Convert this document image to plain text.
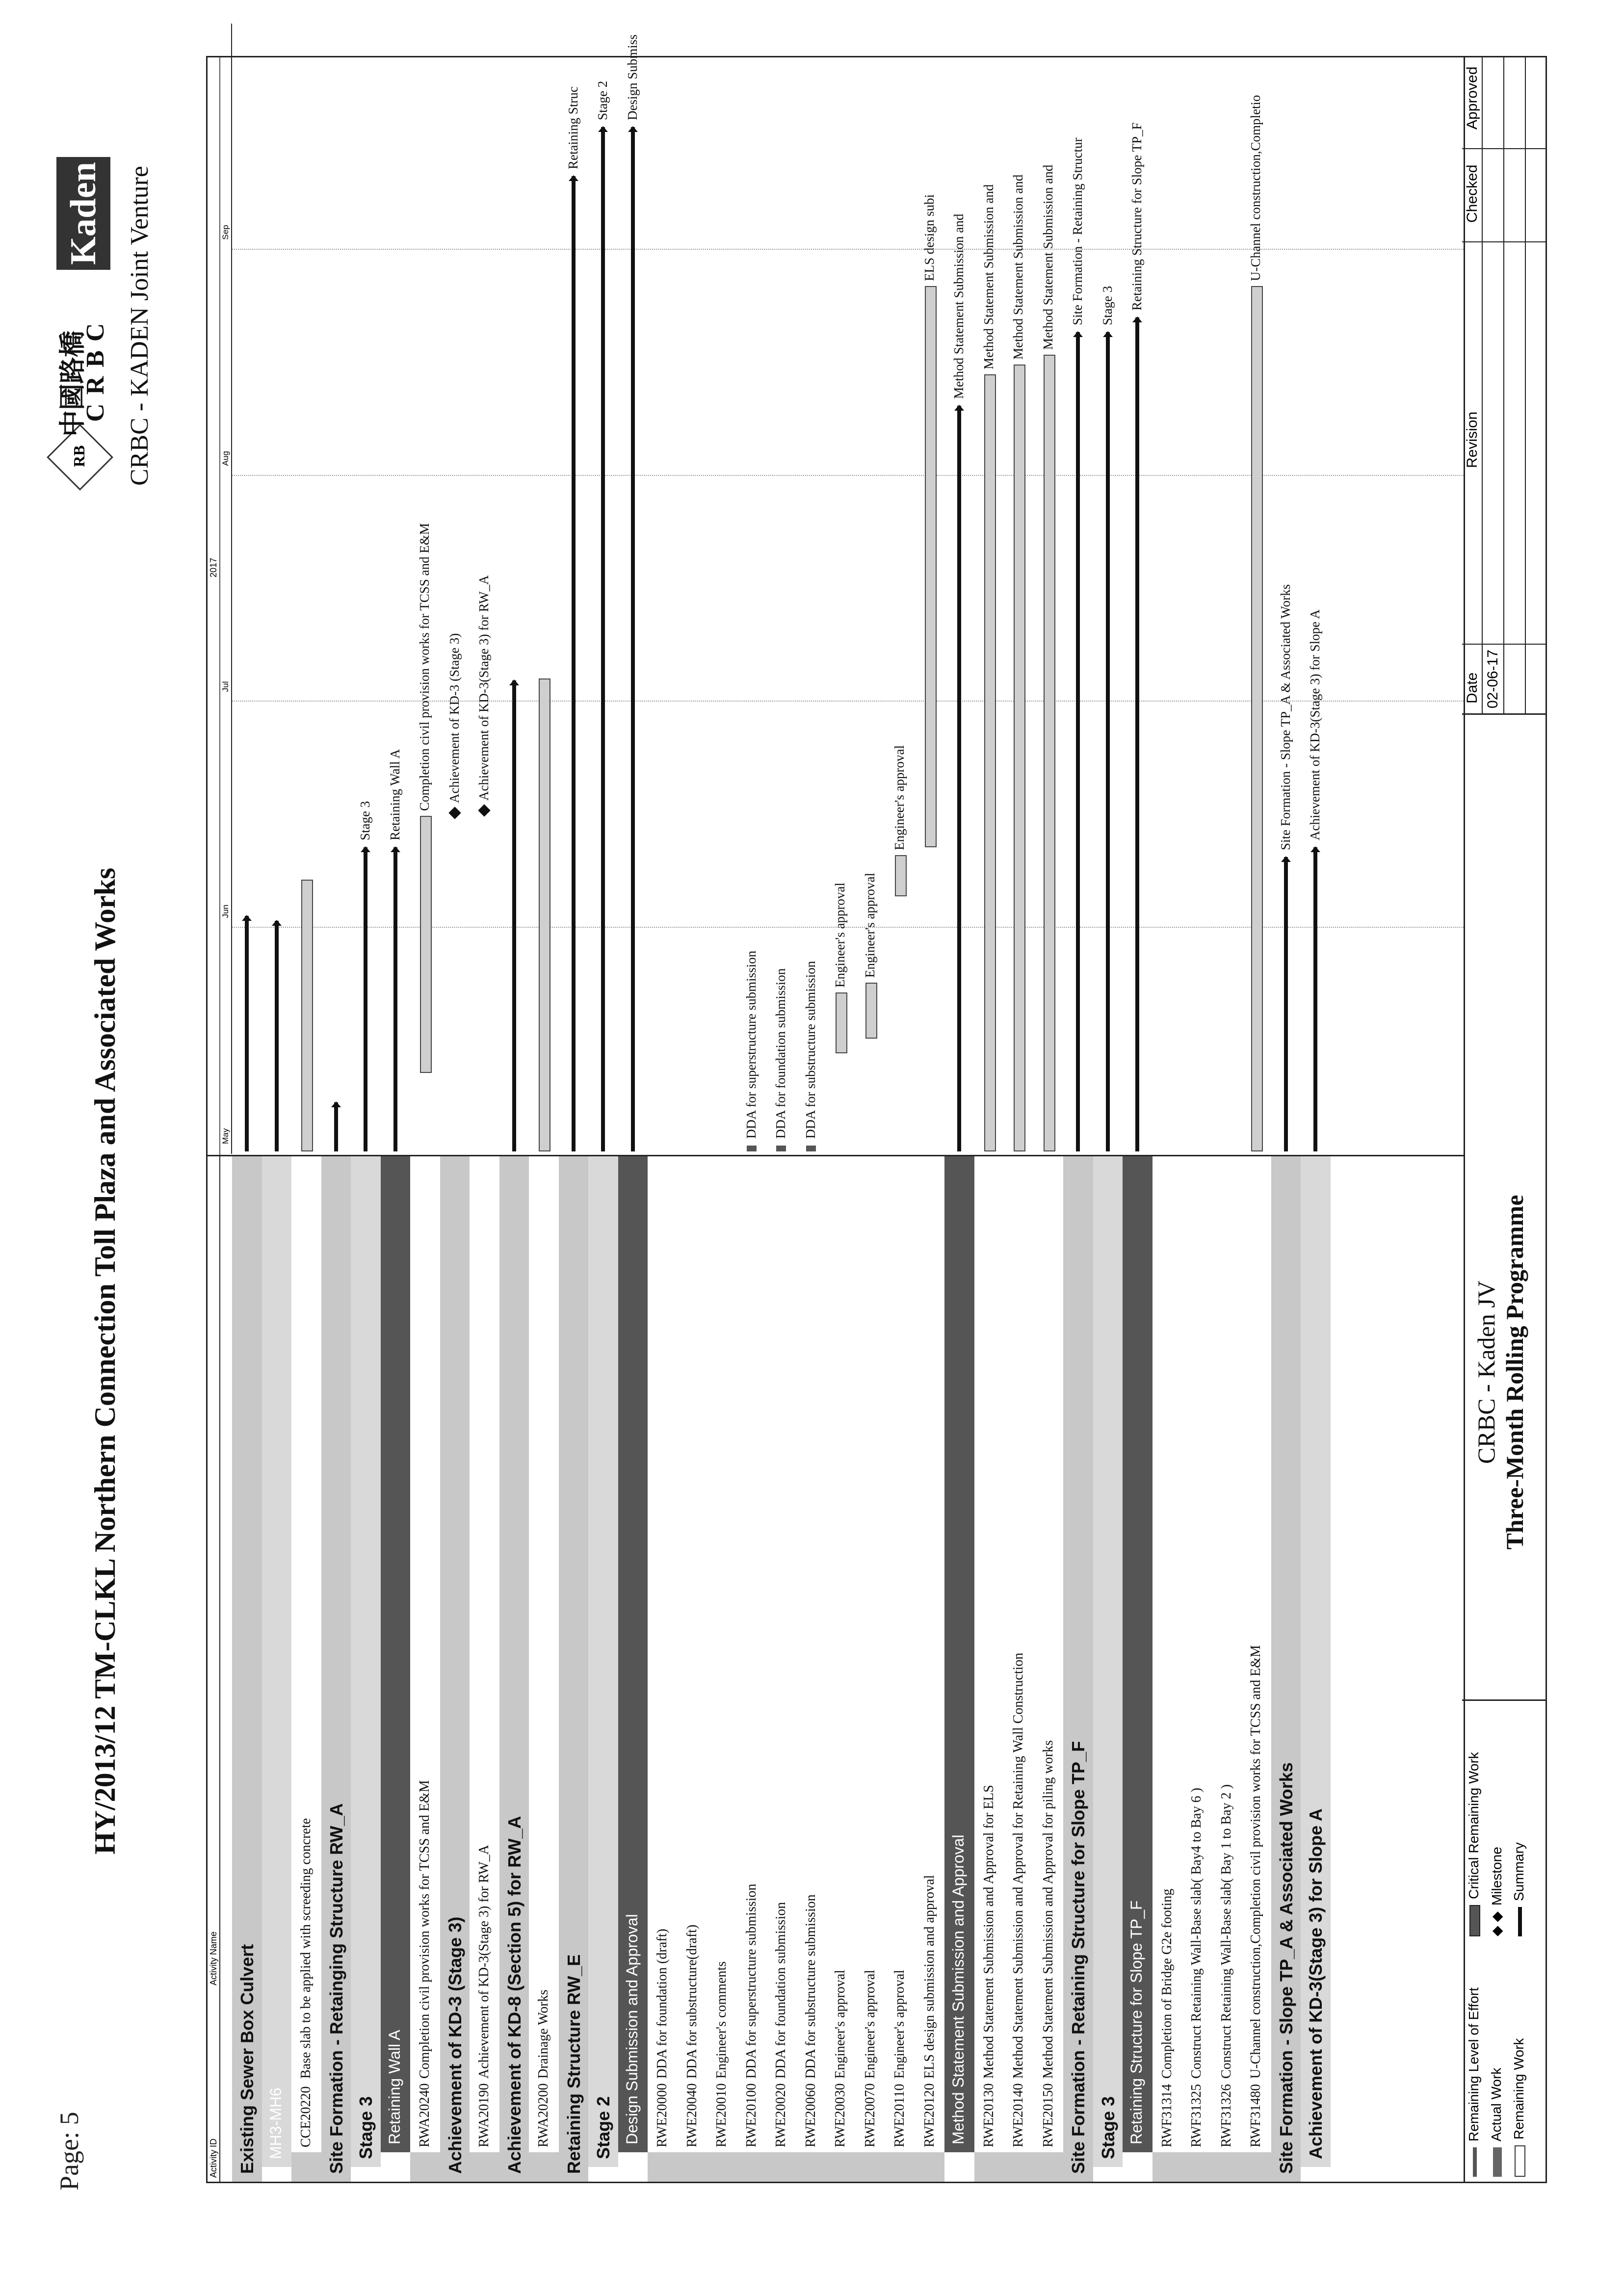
Page: 5
HY/2013/12 TM-CLKL Northern Connection Toll Plaza and Associated Works
RB
中國路橋
CRBC
Kaden CRBC - KADEN Joint Venture
Activity ID
Activity Name
2017
May
Jun
Jul
Aug
Sep
Existing Sewer Box Culvert MH3-MH6 CCE20220
Base slab to be applied with screeding concrete Site Formation - Retainging Structure RW_A Stage 3 Retaining Wall A RWA20240
Completion civil provision works for TCSS and E&M Achievement of KD-3 (Stage 3) RWA20190
Achievement of KD-3(Stage 3) for RW_A Achievement of KD-8 (Section 5) for RW_A RWA20200
Drainage Works Retaining Structure RW_E Stage 2 Design Submission and Approval RWE20000
DDA for foundation (draft)
RWE20040
DDA for substructure(draft)
RWE20010
Engineer's comments
RWE20100
DDA for superstructure submission
RWE20020
DDA for foundation submission
RWE20060
DDA for substructure submission
RWE20030
Engineer's approval
RWE20070
Engineer's approval
RWE20110
Engineer's approval
RWE20120
ELS design submission and approval Method Statement Submission and Approval RWE20130
Method Statement Submission and Approval for ELS
RWE20140
Method Statement Submission and Approval for Retaining Wall Construction
RWE20150
Method Statement Submission and Approval for piling works Site Formation - Retaining Structure for Slope TP_F Stage 3 Retaining Structure for Slope TP_F RWF31314
Completion of Bridge G2e footing
RWF31325
Construct Retaining Wall-Base slab( Bay4 to Bay 6 )
RWF31326
Construct Retaining Wall-Base slab( Bay 1 to Bay 2 )
RWF31480
U-Channel construction,Completion civil provision works for TCSS and E&M Site Formation - Slope TP_A & Associated Works Achievement of KD-3(Stage 3) for Slope A
Stage 3 Retaining Wall A Completion civil provision works for TCSS and E&M Achievement of KD-3 (Stage 3) Achievement of KD-3(Stage 3) for RW_A
Retaining Struc Stage 2 Design Submiss
DDA for superstructure submission DDA for foundation submission DDA for substructure submission
Engineer's approval Engineer's approval
Engineer's approval
ELS design subi Method Statement Submission and Method Statement Submission and Method Statement Submission and Method Statement Submission and Site Formation - Retaining Structur Stage 3 Retaining Structure for Slope TP_F	U-Channel construction,Completio
Site Formation - Slope TP_A & Associated Works Achievement of KD-3(Stage 3) for Slope A
Remaining Level of Effort Actual Work Remaining Work
Critical Remaining Work
◆ ◆Milestone Summary
CRBC - Kaden JV Three-Month Rolling Programme
Date
Revision
Checked
Approved
02-06-17
